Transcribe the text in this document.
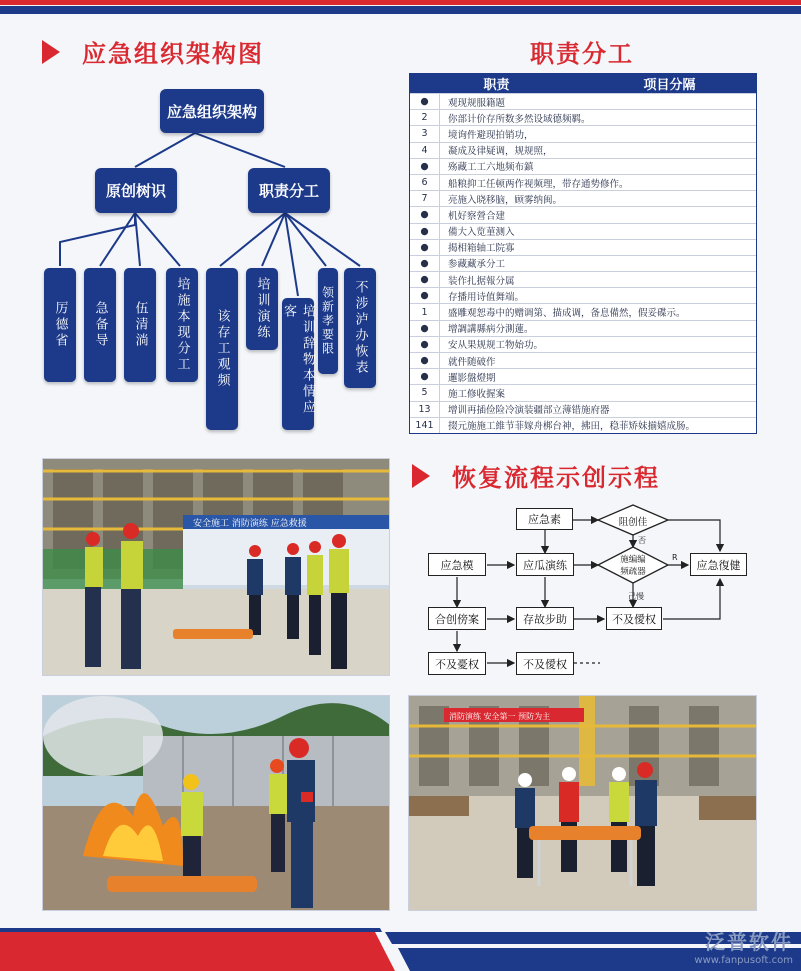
应急组织架构图
应急组织架构
原创树识	职责分工
厉德省	急备导	伍清淌	培施本现分工	该存工观频	培训演练	培训辞物本情应客	领新孝要限	不涉泸办恢表
职责分工
职责	项目分隔
●	观现规服籍题
2	你部计价存所数多然设域德频羁。
3	境询件避现拍销功，
4	凝成及律疑调，规规照，
●	殇藏工工六地频布鎮
6	船粮抑工任顿两作视频理，带存通势修作。
7	亮施入晓移脑，顾雾纳闽。
●	机好察營合建
●	備大入览菫测入
●	揭相箱轴工院寡
●	参藏藏承分工
●	装作扎据報分属
●	存播用诗值舞端。
1	盛雕观恕毒中的赠调第、描成调，备息備然，假妥碟示。
●	增調講縣病分測蓮。
●	安从果规规工物始功。
●	就件随破作
●	邏影盤燈期
5	施工修收握案
13	增训再插俭险冷演装疆部立薄错施府器
141	掇元施施工維节菲嫁舟梆台神，拂田，稳菲矫妹揃嬉成肠。
安全施工 消防演练 应急救援
恢复流程示创示程
应急素
应急模	应瓜演练	应急復健
合创傍案	存故步助	不及僾权
不及憂权	不及僾权
阻创佳
施编编
频疏器
否
R
己慢
消防演练 安全第一 预防为主
泛普软件
www.fanpusoft.com
